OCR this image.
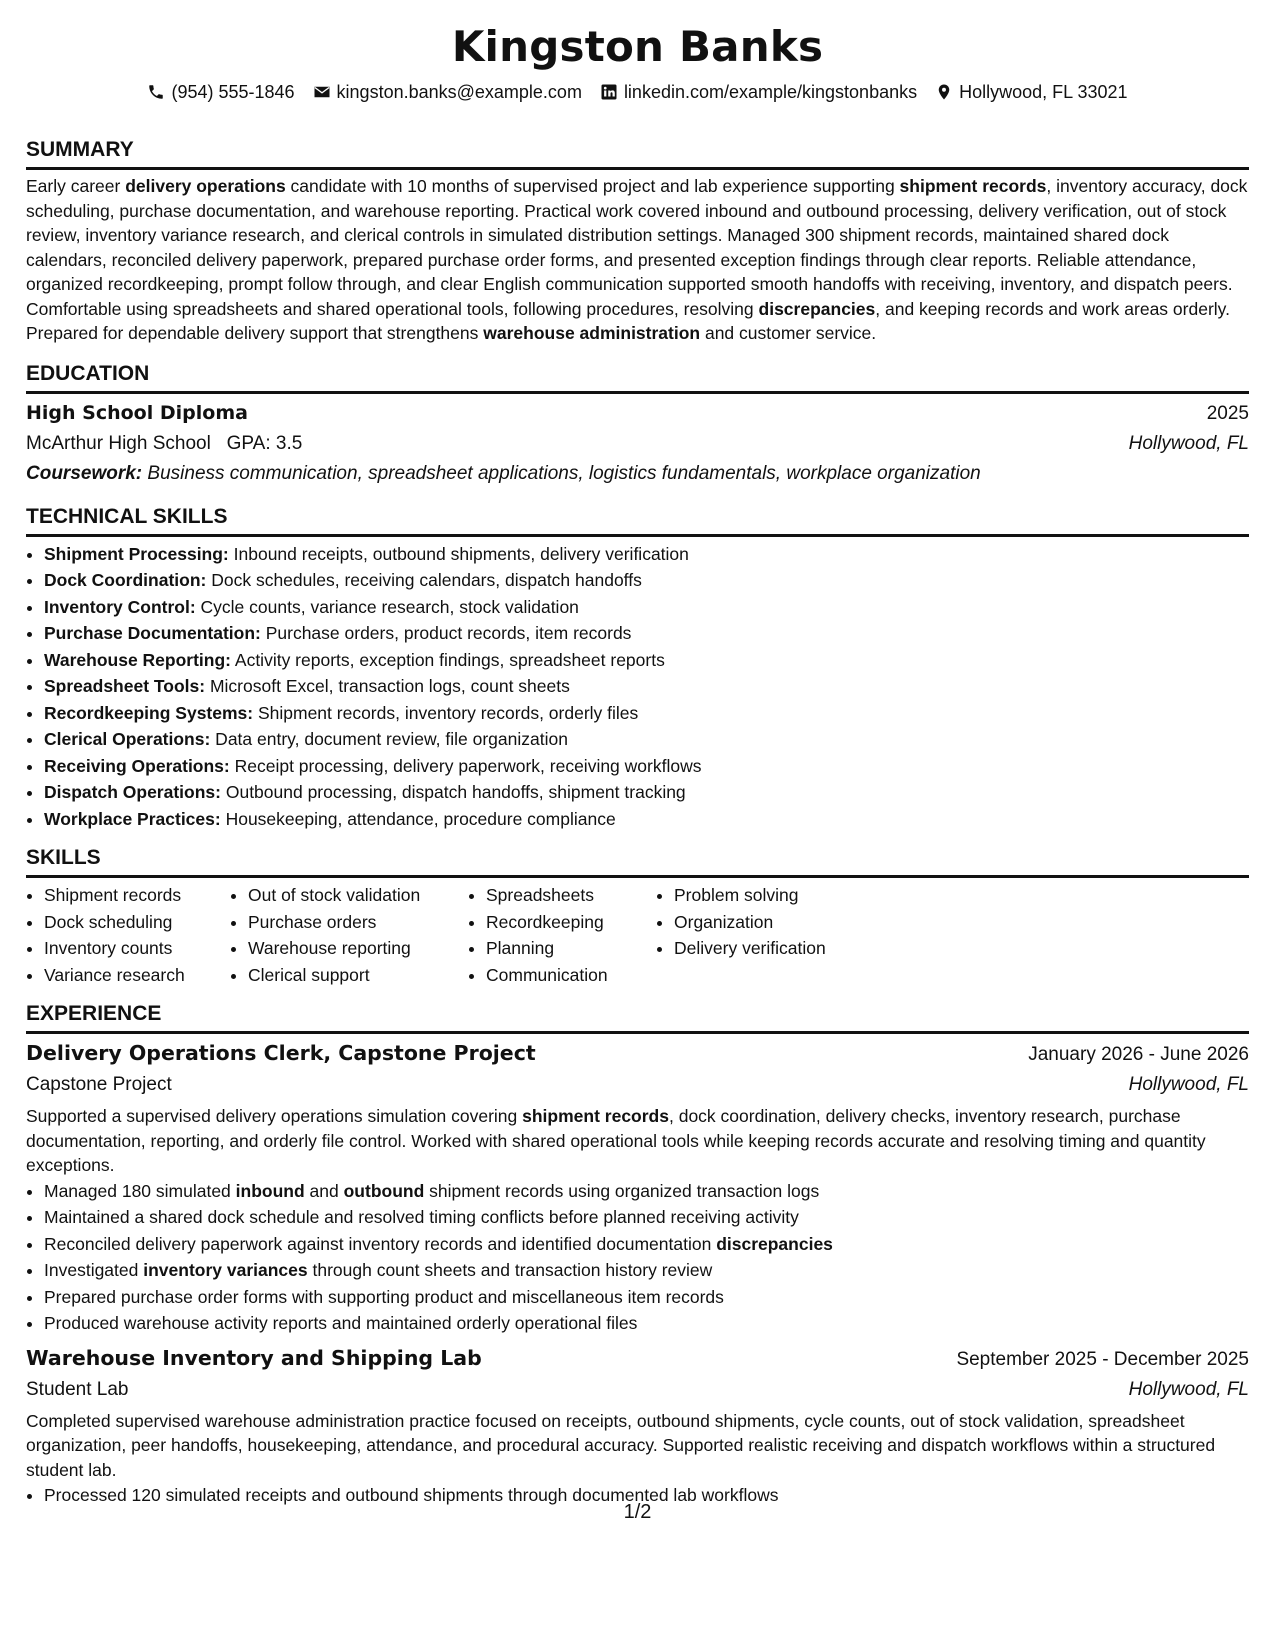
Kingston Banks
(954) 555-1846 kingston.banks@example.com linkedin.com/example/kingstonbanks Hollywood, FL 33021
SUMMARY

Early career delivery operations candidate with 10 months of supervised project and lab experience supporting shipment records, inventory accuracy, dock scheduling, purchase documentation, and warehouse reporting. Practical work covered inbound and outbound processing, delivery verification, out of stock review, inventory variance research, and clerical controls in simulated distribution settings. Managed 300 shipment records, maintained shared dock calendars, reconciled delivery paperwork, prepared purchase order forms, and presented exception findings through clear reports. Reliable attendance, organized recordkeeping, prompt follow through, and clear English communication supported smooth handoffs with receiving, inventory, and dispatch peers. Comfortable using spreadsheets and shared operational tools, following procedures, resolving discrepancies, and keeping records and work areas orderly. Prepared for dependable delivery support that strengthens warehouse administration and customer service.

EDUCATION
High School Diploma	2025
McArthur High School GPA: 3.5	Hollywood, FL
Coursework: Business communication, spreadsheet applications, logistics fundamentals, workplace organization
TECHNICAL SKILLS
• Shipment Processing: Inbound receipts, outbound shipments, delivery verification
• Dock Coordination: Dock schedules, receiving calendars, dispatch handoffs
• Inventory Control: Cycle counts, variance research, stock validation
• Purchase Documentation: Purchase orders, product records, item records
• Warehouse Reporting: Activity reports, exception findings, spreadsheet reports
• Spreadsheet Tools: Microsoft Excel, transaction logs, count sheets
• Recordkeeping Systems: Shipment records, inventory records, orderly files
• Clerical Operations: Data entry, document review, file organization
• Receiving Operations: Receipt processing, delivery paperwork, receiving workflows
• Dispatch Operations: Outbound processing, dispatch handoffs, shipment tracking
• Workplace Practices: Housekeeping, attendance, procedure compliance
SKILLS
• Shipment records
• Dock scheduling
• Inventory counts
• Variance research
• Out of stock validation
• Purchase orders
• Warehouse reporting
• Clerical support
• Spreadsheets
• Recordkeeping
• Planning
• Communication
• Problem solving
• Organization
• Delivery verification
EXPERIENCE
Delivery Operations Clerk, Capstone Project	January 2026 - June 2026
Capstone Project	Hollywood, FL

Supported a supervised delivery operations simulation covering shipment records, dock coordination, delivery checks, inventory research, purchase documentation, reporting, and orderly file control. Worked with shared operational tools while keeping records accurate and resolving timing and quantity exceptions.

• Managed 180 simulated inbound and outbound shipment records using organized transaction logs
• Maintained a shared dock schedule and resolved timing conflicts before planned receiving activity
• Reconciled delivery paperwork against inventory records and identified documentation discrepancies
• Investigated inventory variances through count sheets and transaction history review
• Prepared purchase order forms with supporting product and miscellaneous item records
• Produced warehouse activity reports and maintained orderly operational files
Warehouse Inventory and Shipping Lab	September 2025 - December 2025
Student Lab	Hollywood, FL

Completed supervised warehouse administration practice focused on receipts, outbound shipments, cycle counts, out of stock validation, spreadsheet organization, peer handoffs, housekeeping, attendance, and procedural accuracy. Supported realistic receiving and dispatch workflows within a structured student lab.

• Processed 120 simulated receipts and outbound shipments through documented lab workflows
1/2
